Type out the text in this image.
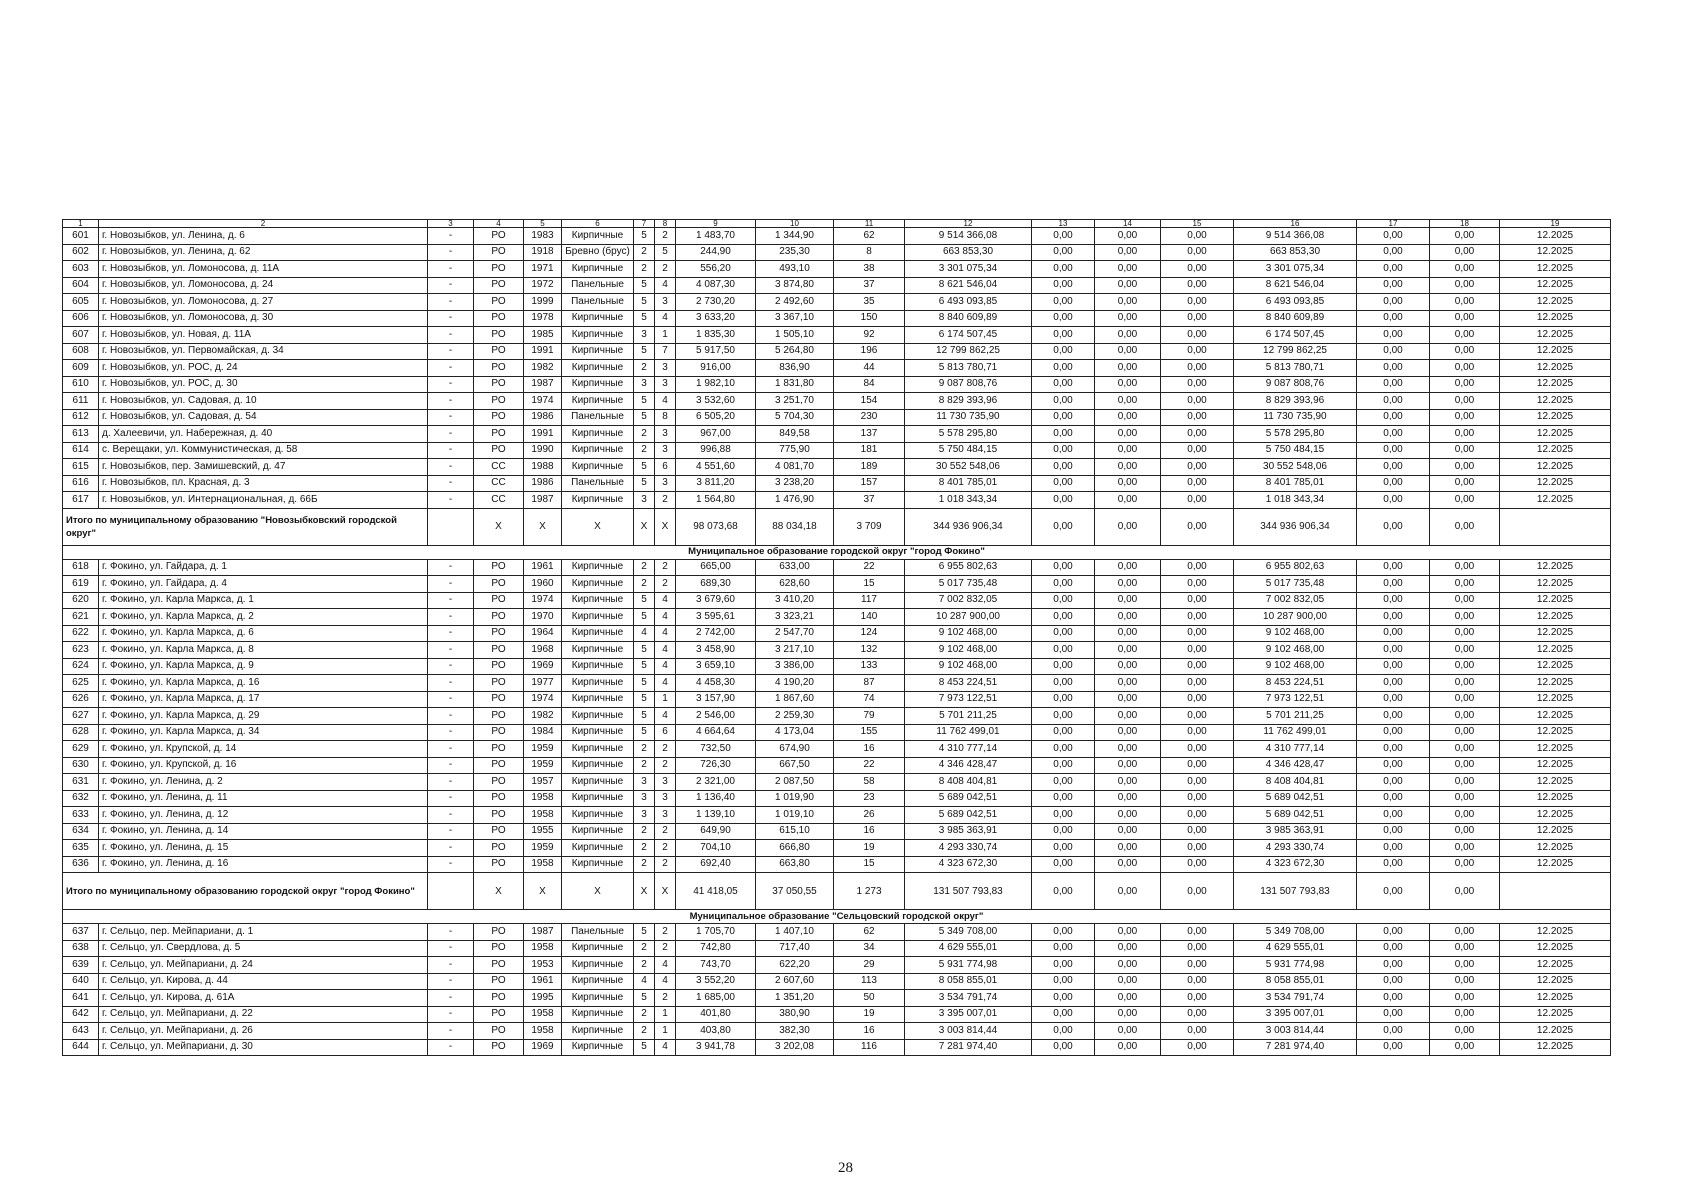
1	2	3	4	5	6	7	8	9	10	11	12	13	14	15	16	17	18	19
601	г. Новозыбков, ул. Ленина, д. 6	-	РО	1983	Кирпичные	5	2	1 483,70	1 344,90	62	9 514 366,08	0,00	0,00	0,00	9 514 366,08	0,00	0,00	12.2025
602	г. Новозыбков, ул. Ленина, д. 62	-	РО	1918	Бревно (брус)	2	5	244,90	235,30	8	663 853,30	0,00	0,00	0,00	663 853,30	0,00	0,00	12.2025
603	г. Новозыбков, ул. Ломоносова, д. 11А	-	РО	1971	Кирпичные	2	2	556,20	493,10	38	3 301 075,34	0,00	0,00	0,00	3 301 075,34	0,00	0,00	12.2025
604	г. Новозыбков, ул. Ломоносова, д. 24	-	РО	1972	Панельные	5	4	4 087,30	3 874,80	37	8 621 546,04	0,00	0,00	0,00	8 621 546,04	0,00	0,00	12.2025
605	г. Новозыбков, ул. Ломоносова, д. 27	-	РО	1999	Панельные	5	3	2 730,20	2 492,60	35	6 493 093,85	0,00	0,00	0,00	6 493 093,85	0,00	0,00	12.2025
606	г. Новозыбков, ул. Ломоносова, д. 30	-	РО	1978	Кирпичные	5	4	3 633,20	3 367,10	150	8 840 609,89	0,00	0,00	0,00	8 840 609,89	0,00	0,00	12.2025
607	г. Новозыбков, ул. Новая, д. 11А	-	РО	1985	Кирпичные	3	1	1 835,30	1 505,10	92	6 174 507,45	0,00	0,00	0,00	6 174 507,45	0,00	0,00	12.2025
608	г. Новозыбков, ул. Первомайская, д. 34	-	РО	1991	Кирпичные	5	7	5 917,50	5 264,80	196	12 799 862,25	0,00	0,00	0,00	12 799 862,25	0,00	0,00	12.2025
609	г. Новозыбков, ул. РОС, д. 24	-	РО	1982	Кирпичные	2	3	916,00	836,90	44	5 813 780,71	0,00	0,00	0,00	5 813 780,71	0,00	0,00	12.2025
610	г. Новозыбков, ул. РОС, д. 30	-	РО	1987	Кирпичные	3	3	1 982,10	1 831,80	84	9 087 808,76	0,00	0,00	0,00	9 087 808,76	0,00	0,00	12.2025
611	г. Новозыбков, ул. Садовая, д. 10	-	РО	1974	Кирпичные	5	4	3 532,60	3 251,70	154	8 829 393,96	0,00	0,00	0,00	8 829 393,96	0,00	0,00	12.2025
612	г. Новозыбков, ул. Садовая, д. 54	-	РО	1986	Панельные	5	8	6 505,20	5 704,30	230	11 730 735,90	0,00	0,00	0,00	11 730 735,90	0,00	0,00	12.2025
613	д. Халеевичи, ул. Набережная, д. 40	-	РО	1991	Кирпичные	2	3	967,00	849,58	137	5 578 295,80	0,00	0,00	0,00	5 578 295,80	0,00	0,00	12.2025
614	с. Верещаки, ул. Коммунистическая, д. 58	-	РО	1990	Кирпичные	2	3	996,88	775,90	181	5 750 484,15	0,00	0,00	0,00	5 750 484,15	0,00	0,00	12.2025
615	г. Новозыбков, пер. Замишевский, д. 47	-	СС	1988	Кирпичные	5	6	4 551,60	4 081,70	189	30 552 548,06	0,00	0,00	0,00	30 552 548,06	0,00	0,00	12.2025
616	г. Новозыбков, пл. Красная, д. 3	-	СС	1986	Панельные	5	3	3 811,20	3 238,20	157	8 401 785,01	0,00	0,00	0,00	8 401 785,01	0,00	0,00	12.2025
617	г. Новозыбков, ул. Интернациональная, д. 66Б	-	СС	1987	Кирпичные	3	2	1 564,80	1 476,90	37	1 018 343,34	0,00	0,00	0,00	1 018 343,34	0,00	0,00	12.2025
Итого по муниципальному образованию "Новозыбковский городской округ"			Х	Х	Х	Х	Х	98 073,68	88 034,18	3 709	344 936 906,34	0,00	0,00	0,00	344 936 906,34	0,00	0,00	
Муниципальное образование городской округ "город Фокино"																		
618	г. Фокино, ул. Гайдара, д. 1	-	РО	1961	Кирпичные	2	2	665,00	633,00	22	6 955 802,63	0,00	0,00	0,00	6 955 802,63	0,00	0,00	12.2025
619	г. Фокино, ул. Гайдара, д. 4	-	РО	1960	Кирпичные	2	2	689,30	628,60	15	5 017 735,48	0,00	0,00	0,00	5 017 735,48	0,00	0,00	12.2025
620	г. Фокино, ул. Карла Маркса, д. 1	-	РО	1974	Кирпичные	5	4	3 679,60	3 410,20	117	7 002 832,05	0,00	0,00	0,00	7 002 832,05	0,00	0,00	12.2025
621	г. Фокино, ул. Карла Маркса, д. 2	-	РО	1970	Кирпичные	5	4	3 595,61	3 323,21	140	10 287 900,00	0,00	0,00	0,00	10 287 900,00	0,00	0,00	12.2025
622	г. Фокино, ул. Карла Маркса, д. 6	-	РО	1964	Кирпичные	4	4	2 742,00	2 547,70	124	9 102 468,00	0,00	0,00	0,00	9 102 468,00	0,00	0,00	12.2025
623	г. Фокино, ул. Карла Маркса, д. 8	-	РО	1968	Кирпичные	5	4	3 458,90	3 217,10	132	9 102 468,00	0,00	0,00	0,00	9 102 468,00	0,00	0,00	12.2025
624	г. Фокино, ул. Карла Маркса, д. 9	-	РО	1969	Кирпичные	5	4	3 659,10	3 386,00	133	9 102 468,00	0,00	0,00	0,00	9 102 468,00	0,00	0,00	12.2025
625	г. Фокино, ул. Карла Маркса, д. 16	-	РО	1977	Кирпичные	5	4	4 458,30	4 190,20	87	8 453 224,51	0,00	0,00	0,00	8 453 224,51	0,00	0,00	12.2025
626	г. Фокино, ул. Карла Маркса, д. 17	-	РО	1974	Кирпичные	5	1	3 157,90	1 867,60	74	7 973 122,51	0,00	0,00	0,00	7 973 122,51	0,00	0,00	12.2025
627	г. Фокино, ул. Карла Маркса, д. 29	-	РО	1982	Кирпичные	5	4	2 546,00	2 259,30	79	5 701 211,25	0,00	0,00	0,00	5 701 211,25	0,00	0,00	12.2025
628	г. Фокино, ул. Карла Маркса, д. 34	-	РО	1984	Кирпичные	5	6	4 664,64	4 173,04	155	11 762 499,01	0,00	0,00	0,00	11 762 499,01	0,00	0,00	12.2025
629	г. Фокино, ул. Крупской, д. 14	-	РО	1959	Кирпичные	2	2	732,50	674,90	16	4 310 777,14	0,00	0,00	0,00	4 310 777,14	0,00	0,00	12.2025
630	г. Фокино, ул. Крупской, д. 16	-	РО	1959	Кирпичные	2	2	726,30	667,50	22	4 346 428,47	0,00	0,00	0,00	4 346 428,47	0,00	0,00	12.2025
631	г. Фокино, ул. Ленина, д. 2	-	РО	1957	Кирпичные	3	3	2 321,00	2 087,50	58	8 408 404,81	0,00	0,00	0,00	8 408 404,81	0,00	0,00	12.2025
632	г. Фокино, ул. Ленина, д. 11	-	РО	1958	Кирпичные	3	3	1 136,40	1 019,90	23	5 689 042,51	0,00	0,00	0,00	5 689 042,51	0,00	0,00	12.2025
633	г. Фокино, ул. Ленина, д. 12	-	РО	1958	Кирпичные	3	3	1 139,10	1 019,10	26	5 689 042,51	0,00	0,00	0,00	5 689 042,51	0,00	0,00	12.2025
634	г. Фокино, ул. Ленина, д. 14	-	РО	1955	Кирпичные	2	2	649,90	615,10	16	3 985 363,91	0,00	0,00	0,00	3 985 363,91	0,00	0,00	12.2025
635	г. Фокино, ул. Ленина, д. 15	-	РО	1959	Кирпичные	2	2	704,10	666,80	19	4 293 330,74	0,00	0,00	0,00	4 293 330,74	0,00	0,00	12.2025
636	г. Фокино, ул. Ленина, д. 16	-	РО	1958	Кирпичные	2	2	692,40	663,80	15	4 323 672,30	0,00	0,00	0,00	4 323 672,30	0,00	0,00	12.2025
Итого по муниципальному образованию городской округ "город Фокино"			Х	Х	Х	Х	Х	41 418,05	37 050,55	1 273	131 507 793,83	0,00	0,00	0,00	131 507 793,83	0,00	0,00	
Муниципальное образование "Сельцовский городской округ"																		
637	г. Сельцо, пер. Мейпариани, д. 1	-	РО	1987	Панельные	5	2	1 705,70	1 407,10	62	5 349 708,00	0,00	0,00	0,00	5 349 708,00	0,00	0,00	12.2025
638	г. Сельцо, ул. Свердлова, д. 5	-	РО	1958	Кирпичные	2	2	742,80	717,40	34	4 629 555,01	0,00	0,00	0,00	4 629 555,01	0,00	0,00	12.2025
639	г. Сельцо, ул. Мейпариани, д. 24	-	РО	1953	Кирпичные	2	4	743,70	622,20	29	5 931 774,98	0,00	0,00	0,00	5 931 774,98	0,00	0,00	12.2025
640	г. Сельцо, ул. Кирова, д. 44	-	РО	1961	Кирпичные	4	4	3 552,20	2 607,60	113	8 058 855,01	0,00	0,00	0,00	8 058 855,01	0,00	0,00	12.2025
641	г. Сельцо, ул. Кирова, д. 61А	-	РО	1995	Кирпичные	5	2	1 685,00	1 351,20	50	3 534 791,74	0,00	0,00	0,00	3 534 791,74	0,00	0,00	12.2025
642	г. Сельцо, ул. Мейпариани, д. 22	-	РО	1958	Кирпичные	2	1	401,80	380,90	19	3 395 007,01	0,00	0,00	0,00	3 395 007,01	0,00	0,00	12.2025
643	г. Сельцо, ул. Мейпариани, д. 26	-	РО	1958	Кирпичные	2	1	403,80	382,30	16	3 003 814,44	0,00	0,00	0,00	3 003 814,44	0,00	0,00	12.2025
644	г. Сельцо, ул. Мейпариани, д. 30	-	РО	1969	Кирпичные	5	4	3 941,78	3 202,08	116	7 281 974,40	0,00	0,00	0,00	7 281 974,40	0,00	0,00	12.2025
28
